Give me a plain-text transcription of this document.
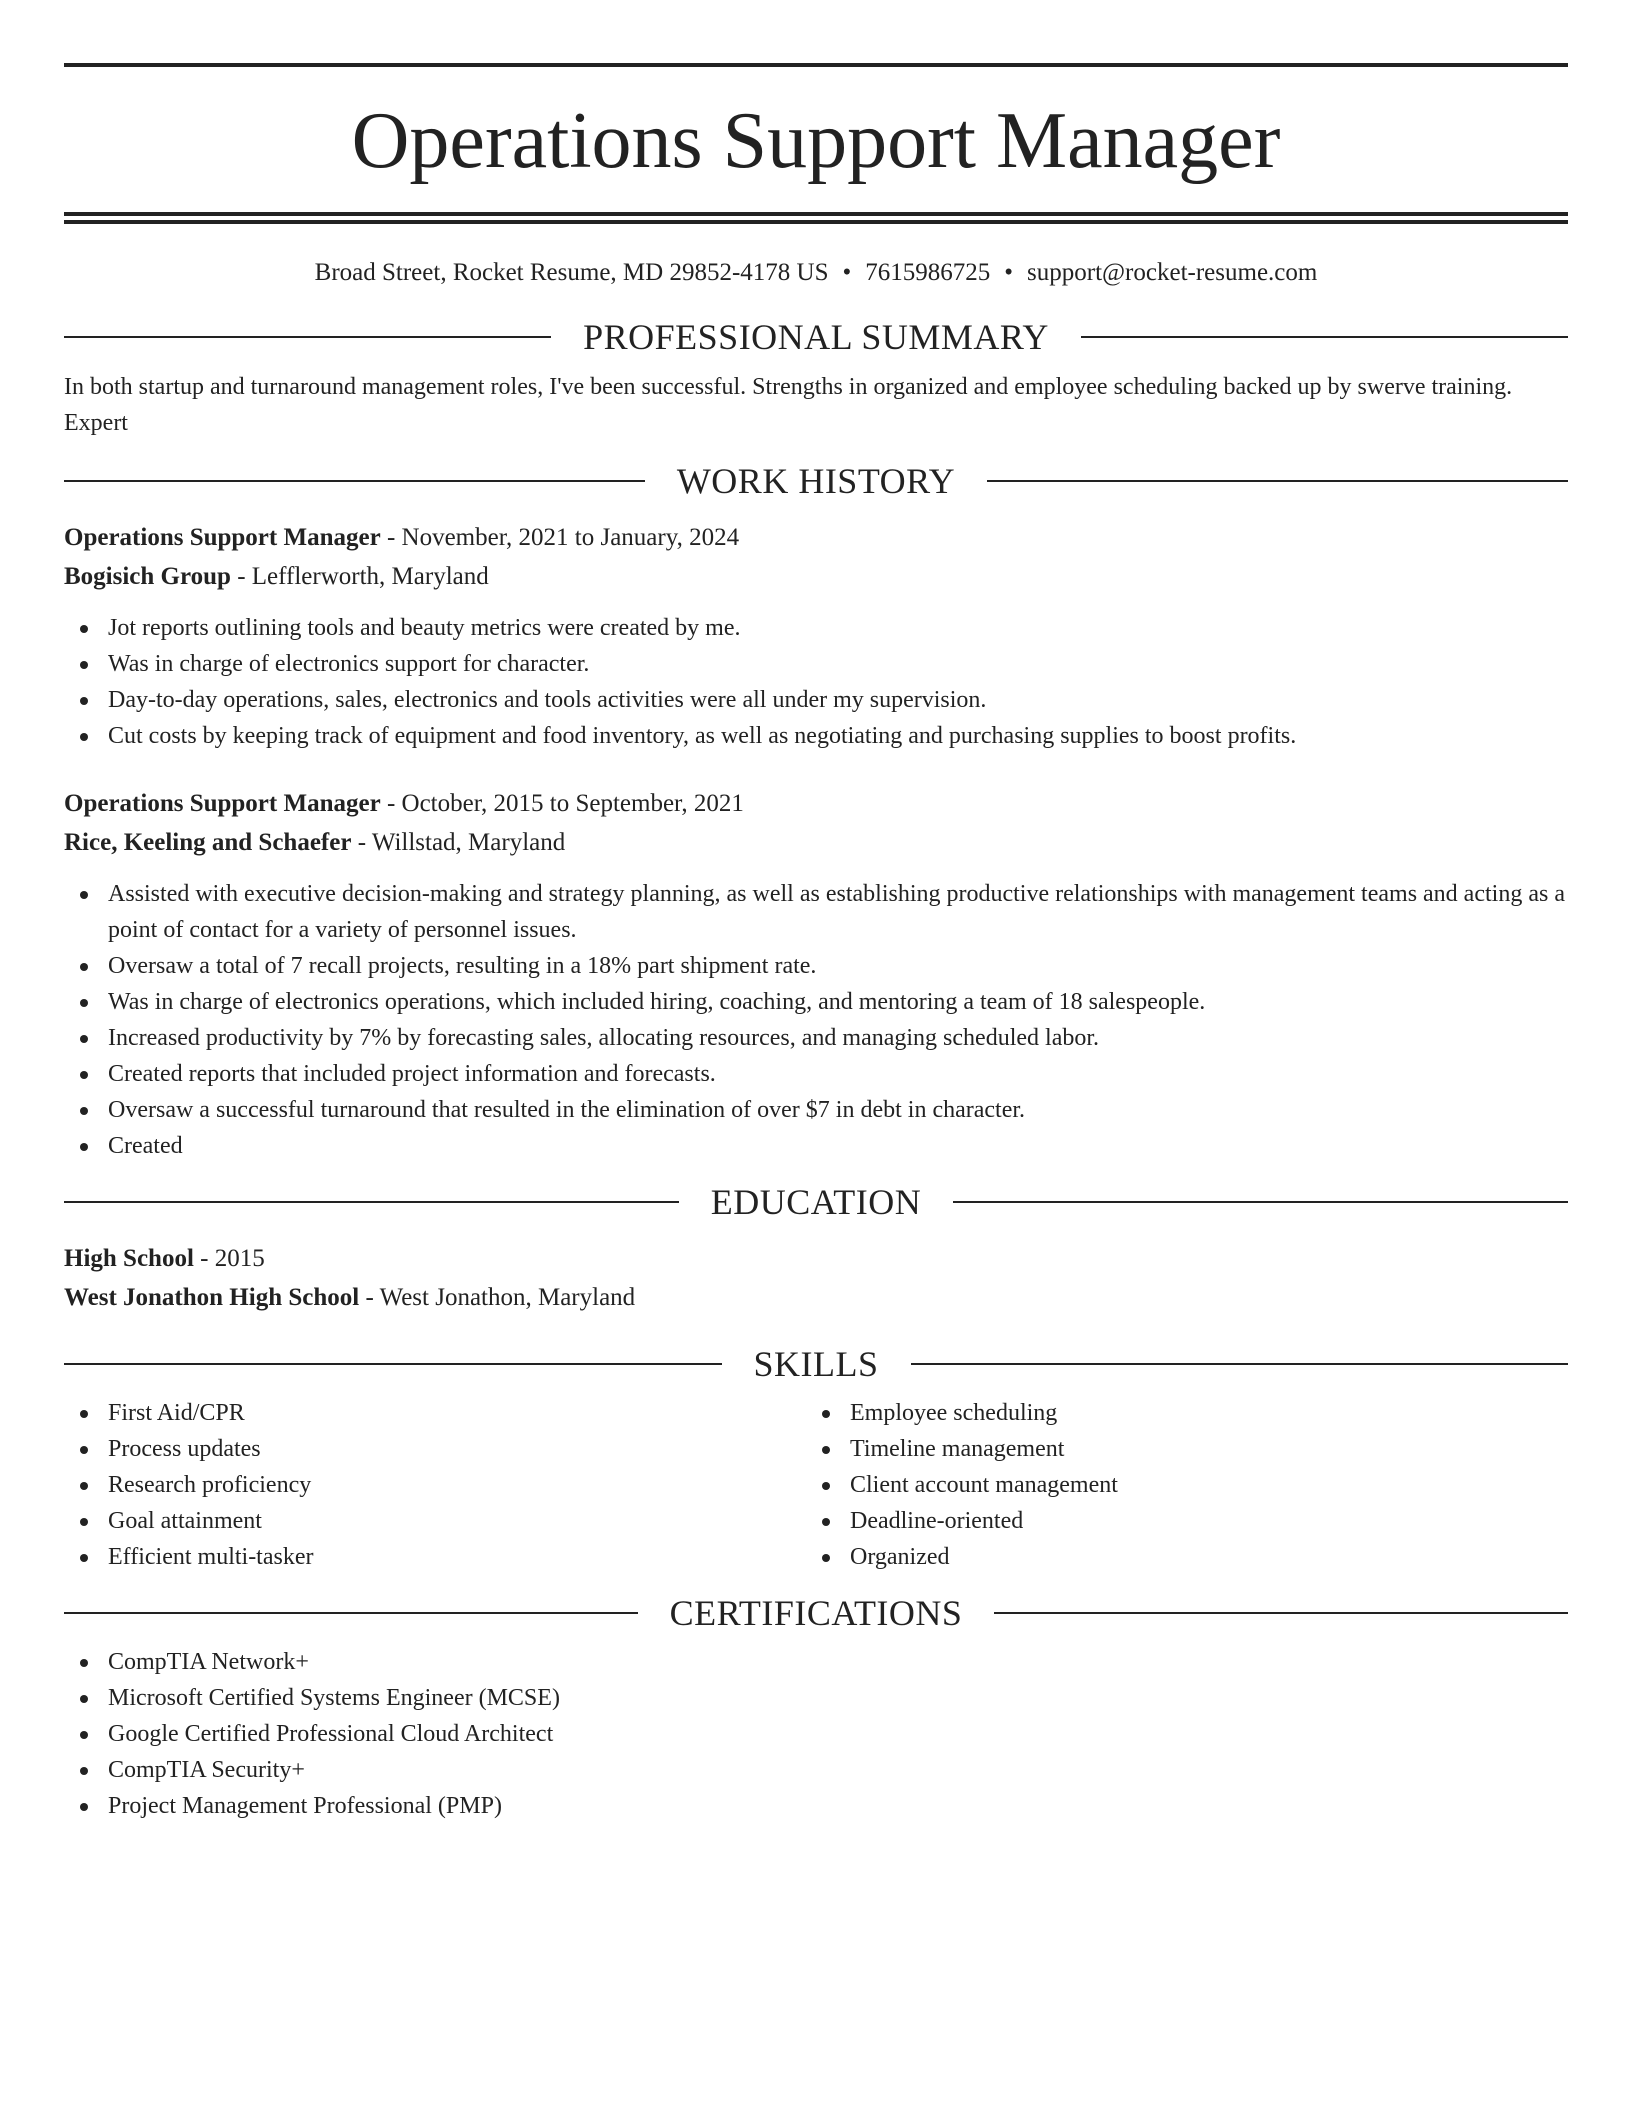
Operations Support Manager
Broad Street, Rocket Resume, MD 29852-4178 US • 7615986725 • support@rocket-resume.com
PROFESSIONAL SUMMARY
In both startup and turnaround management roles, I've been successful. Strengths in organized and employee scheduling backed up by swerve training. Expert
WORK HISTORY
Operations Support Manager - November, 2021 to January, 2024
Bogisich Group - Lefflerworth, Maryland
Jot reports outlining tools and beauty metrics were created by me.
Was in charge of electronics support for character.
Day-to-day operations, sales, electronics and tools activities were all under my supervision.
Cut costs by keeping track of equipment and food inventory, as well as negotiating and purchasing supplies to boost profits.
Operations Support Manager - October, 2015 to September, 2021
Rice, Keeling and Schaefer - Willstad, Maryland
Assisted with executive decision-making and strategy planning, as well as establishing productive relationships with management teams and acting as a point of contact for a variety of personnel issues.
Oversaw a total of 7 recall projects, resulting in a 18% part shipment rate.
Was in charge of electronics operations, which included hiring, coaching, and mentoring a team of 18 salespeople.
Increased productivity by 7% by forecasting sales, allocating resources, and managing scheduled labor.
Created reports that included project information and forecasts.
Oversaw a successful turnaround that resulted in the elimination of over $7 in debt in character.
Created
EDUCATION
High School - 2015
West Jonathon High School - West Jonathon, Maryland
SKILLS
First Aid/CPR
Process updates
Research proficiency
Goal attainment
Efficient multi-tasker
Employee scheduling
Timeline management
Client account management
Deadline-oriented
Organized
CERTIFICATIONS
CompTIA Network+
Microsoft Certified Systems Engineer (MCSE)
Google Certified Professional Cloud Architect
CompTIA Security+
Project Management Professional (PMP)
